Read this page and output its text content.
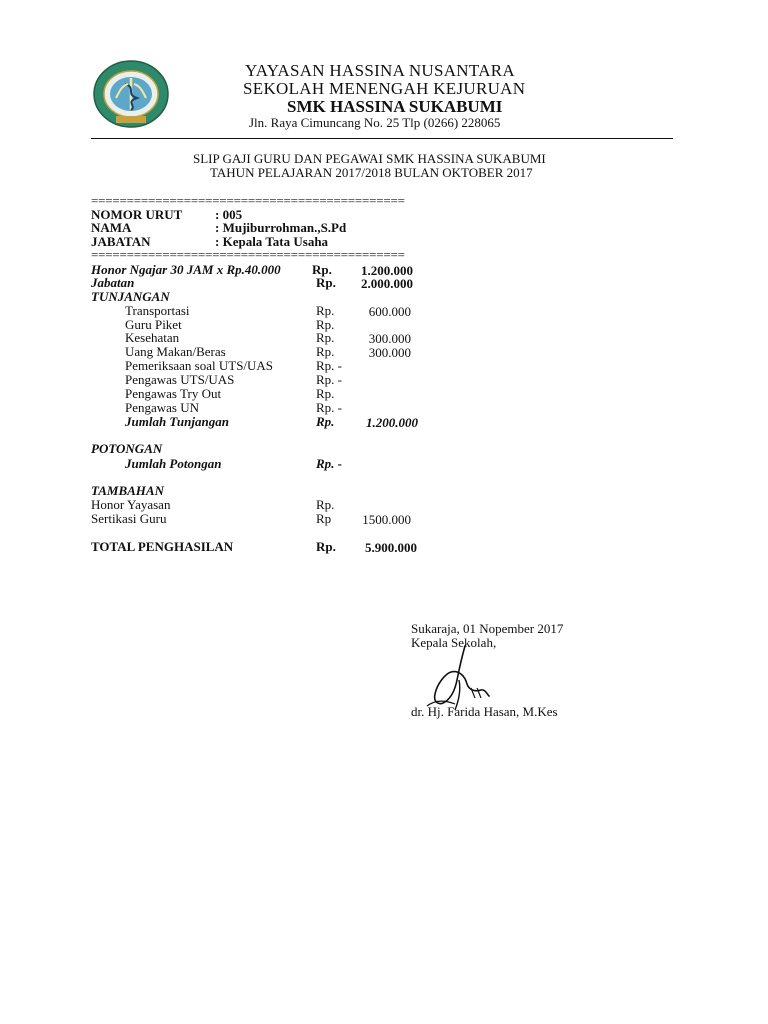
YAYASAN HASSINA NUSANTARA
SEKOLAH MENENGAH KEJURUAN
SMK HASSINA SUKABUMI
Jln. Raya Cimuncang No. 25 Tlp (0266) 228065
SLIP GAJI GURU DAN PEGAWAI SMK HASSINA SUKABUMI
TAHUN PELAJARAN 2017/2018 BULAN OKTOBER 2017
============================================
NOMOR URUT	: 005
NAMA	: Mujiburrohman.,S.Pd
JABATAN	: Kepala Tata Usaha
============================================
Honor Ngajar 30 JAM x Rp.40.000 Rp.	1.200.000
Jabatan	Rp.	2.000.000
TUNJANGAN
Transportasi	Rp.	600.000
Guru Piket	Rp.
Kesehatan	Rp.	300.000
Uang Makan/Beras	Rp.	300.000
Pemeriksaan soal UTS/UAS	Rp. -
Pengawas UTS/UAS	Rp. -
Pengawas Try Out	Rp.
Pengawas UN	Rp. -
Jumlah Tunjangan	Rp.	1.200.000
POTONGAN
Jumlah Potongan	Rp. -
TAMBAHAN
Honor Yayasan	Rp.
Sertikasi Guru	Rp	1500.000
TOTAL PENGHASILAN	Rp.	5.900.000
Sukaraja, 01 Nopember 2017
Kepala Sekolah,
dr. Hj. Farida Hasan, M.Kes
